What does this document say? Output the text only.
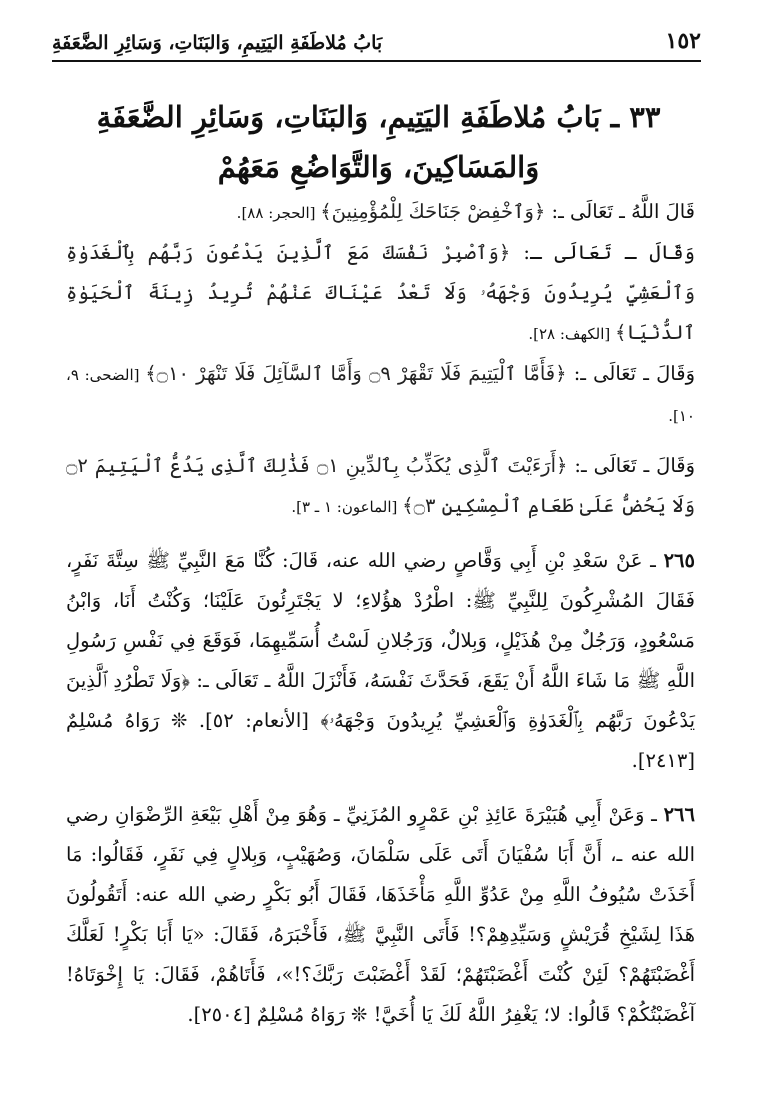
١٥٢
بَابُ مُلاطَفَةِ اليَتِيمِ، وَالبَنَاتِ، وَسَائِرِ الضَّعَفَةِ
٣٣ ـ بَابُ مُلاطَفَةِ اليَتِيمِ، وَالبَنَاتِ، وَسَائِرِ الضَّعَفَةِ
وَالمَسَاكِينَ، وَالتَّوَاضُعِ مَعَهُمْ

قَالَ اللَّهُ ـ تَعَالَى ـ: ﴿وَٱخْفِضْ جَنَاحَكَ لِلْمُؤْمِنِينَ﴾ [الحجر: ٨٨].

وَقَالَ ـ تَعَالَى ـ: ﴿وَٱصْبِرْ نَفْسَكَ مَعَ ٱلَّذِينَ يَدْعُونَ رَبَّهُم بِٱلْغَدَوٰةِ وَٱلْعَشِيِّ يُرِيدُونَ وَجْهَهُۥ وَلَا تَعْدُ عَيْنَاكَ عَنْهُمْ تُرِيدُ زِينَةَ ٱلْحَيَوٰةِ ٱلدُّنْيَا﴾ [الكهف: ٢٨].

وَقَالَ ـ تَعَالَى ـ: ﴿فَأَمَّا ٱلْيَتِيمَ فَلَا تَقْهَرْ ۝٩ وَأَمَّا ٱلسَّآئِلَ فَلَا تَنْهَرْ ۝١٠﴾ [الضحى: ٩، ١٠].

وَقَالَ ـ تَعَالَى ـ: ﴿أَرَءَيْتَ ٱلَّذِى يُكَذِّبُ بِٱلدِّينِ ۝١ فَذَٰلِكَ ٱلَّذِى يَدُعُّ ٱلْيَتِيمَ ۝٢ وَلَا يَحُضُّ عَلَىٰ طَعَامِ ٱلْمِسْكِينِ ۝٣﴾ [الماعون: ١ ـ ٣].

٢٦٥ ـ عَنْ سَعْدِ بْنِ أَبِي وَقَّاصٍ رضي الله عنه، قَالَ: كُنَّا مَعَ النَّبِيِّ ﷺ سِتَّةَ نَفَرٍ، فَقَالَ المُشْرِكُونَ لِلنَّبِيِّ ﷺ: اطْرُدْ هؤُلاءِ؛ لا يَجْتَرِئُونَ عَلَيْنَا؛ وَكُنْتُ أَنَا، وَابْنُ مَسْعُودٍ، وَرَجُلٌ مِنْ هُذَيْلٍ، وَبِلالٌ، وَرَجُلانِ لَسْتُ أُسَمِّيهِمَا، فَوَقَعَ فِي نَفْسِ رَسُولِ اللَّهِ ﷺ مَا شَاءَ اللَّهُ أَنْ يَقَعَ، فَحَدَّثَ نَفْسَهُ، فَأَنْزَلَ اللَّهُ ـ تَعَالَى ـ: ﴿وَلَا تَطْرُدِ ٱلَّذِينَ يَدْعُونَ رَبَّهُم بِٱلْغَدَوٰةِ وَٱلْعَشِيِّ يُرِيدُونَ وَجْهَهُۥ﴾ [الأنعام: ٥٢]. ❊ رَوَاهُ مُسْلِمٌ [٢٤١٣].

٢٦٦ ـ وَعَنْ أَبِي هُبَيْرَةَ عَائِذِ بْنِ عَمْرٍو المُزَنِيِّ ـ وَهُوَ مِنْ أَهْلِ بَيْعَةِ الرِّضْوَانِ رضي الله عنه ـ، أَنَّ أَبَا سُفْيَانَ أَتَى عَلَى سَلْمَانَ، وَصُهَيْبٍ، وَبِلالٍ فِي نَفَرٍ، فَقَالُوا: مَا أَخَذَتْ سُيُوفُ اللَّهِ مِنْ عَدُوِّ اللَّهِ مَأْخَذَهَا، فَقَالَ أَبُو بَكْرٍ رضي الله عنه: أَتَقُولُونَ هَذَا لِشَيْخِ قُرَيْشٍ وَسَيِّدِهِمْ؟! فَأَتَى النَّبِيَّ ﷺ، فَأَخْبَرَهُ، فَقَالَ: «يَا أَبَا بَكْرٍ! لَعَلَّكَ أَغْضَبْتَهُمْ؟ لَئِنْ كُنْتَ أَغْضَبْتَهُمْ؛ لَقَدْ أَغْضَبْتَ رَبَّكَ؟!»، فَأَتَاهُمْ، فَقَالَ: يَا إِخْوَتَاهُ! آغْضَبْتُكُمْ؟ قَالُوا: لا؛ يَغْفِرُ اللَّهُ لَكَ يَا أُخَيَّ! ❊ رَوَاهُ مُسْلِمٌ [٢٥٠٤].
